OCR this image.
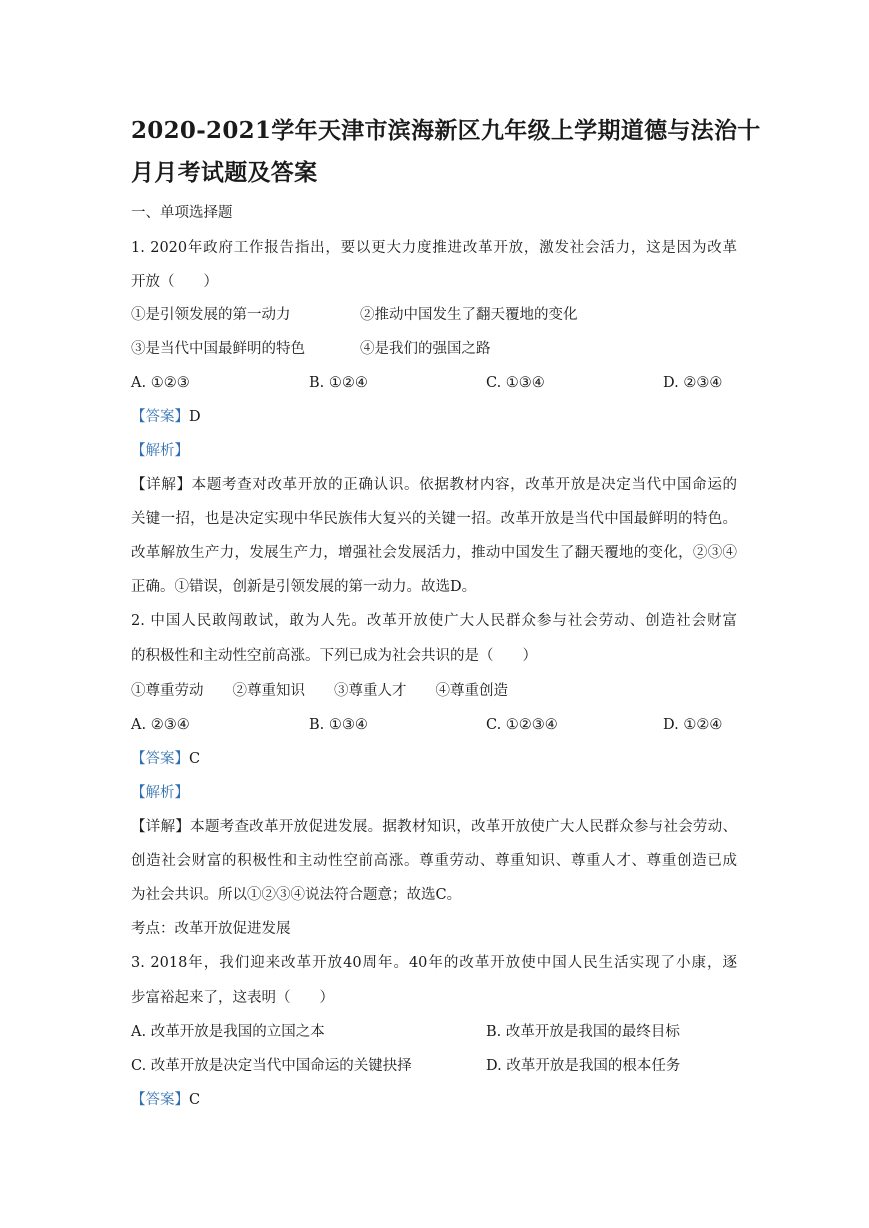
2020-2021学年天津市滨海新区九年级上学期道德与法治十
月月考试题及答案
一、单项选择题
1. 2020年政府工作报告指出，要以更大力度推进改革开放，激发社会活力，这是因为改革
开放（　　）
①是引领发展的第一动力	②推动中国发生了翻天覆地的变化
③是当代中国最鲜明的特色	④是我们的强国之路
A. ①②③	B. ①②④	C. ①③④	D. ②③④
【答案】D
【解析】
【详解】本题考查对改革开放的正确认识。依据教材内容，改革开放是决定当代中国命运的
关键一招，也是决定实现中华民族伟大复兴的关键一招。改革开放是当代中国最鲜明的特色。
改革解放生产力，发展生产力，增强社会发展活力，推动中国发生了翻天覆地的变化，②③④
正确。①错误，创新是引领发展的第一动力。故选D。
2. 中国人民敢闯敢试，敢为人先。改革开放使广大人民群众参与社会劳动、创造社会财富
的积极性和主动性空前高涨。下列已成为社会共识的是（　　）
①尊重劳动　　②尊重知识　　③尊重人才　　④尊重创造
A. ②③④	B. ①③④	C. ①②③④	D. ①②④
【答案】C
【解析】
【详解】本题考查改革开放促进发展。据教材知识，改革开放使广大人民群众参与社会劳动、
创造社会财富的积极性和主动性空前高涨。尊重劳动、尊重知识、尊重人才、尊重创造已成
为社会共识。所以①②③④说法符合题意；故选C。
考点：改革开放促进发展
3. 2018年，我们迎来改革开放40周年。40年的改革开放使中国人民生活实现了小康，逐
步富裕起来了，这表明（　　）
A. 改革开放是我国的立国之本	B. 改革开放是我国的最终目标
C. 改革开放是决定当代中国命运的关键抉择	D. 改革开放是我国的根本任务
【答案】C
